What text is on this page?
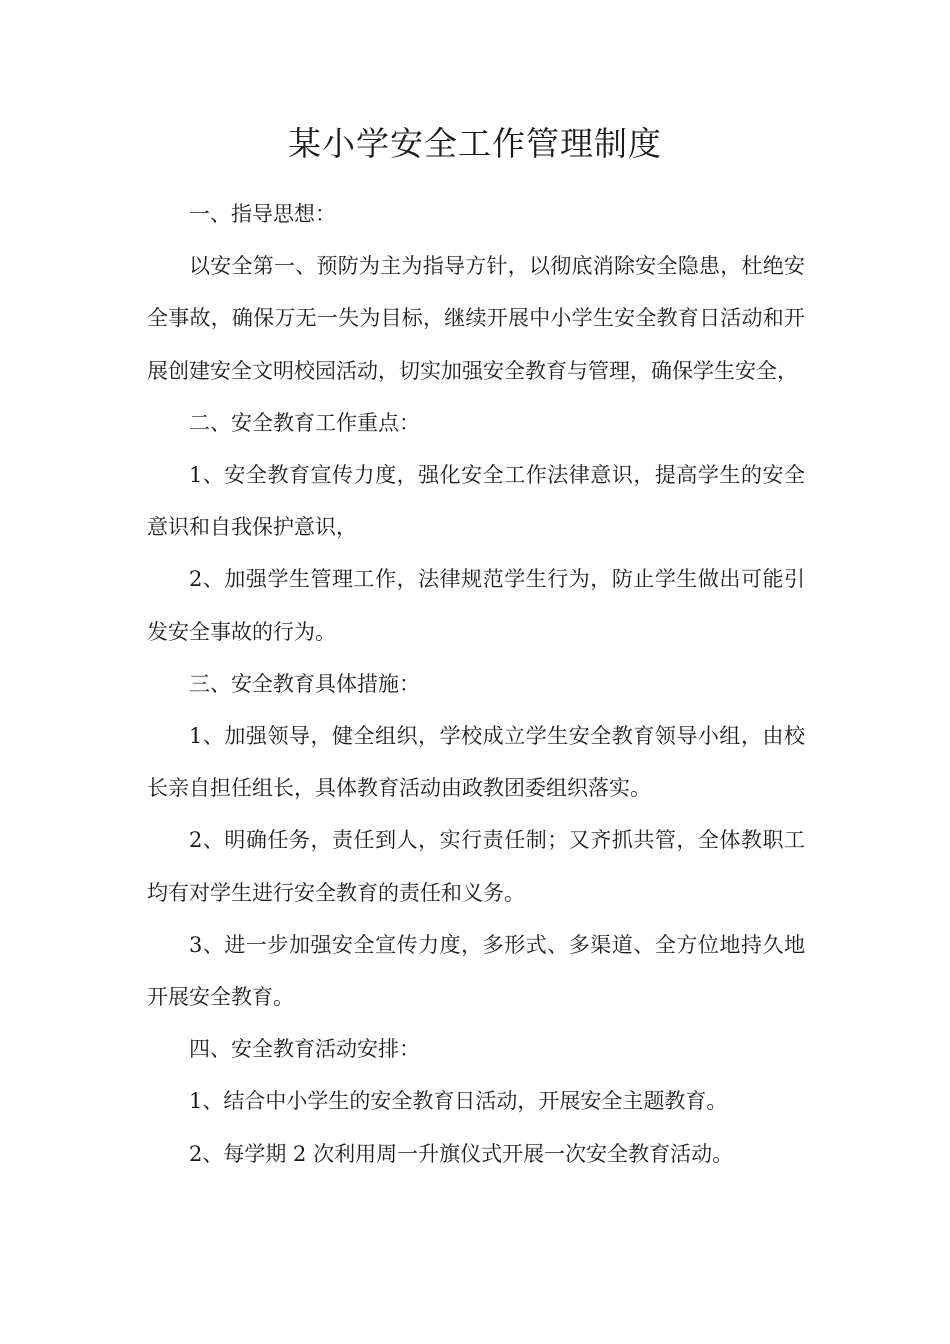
某小学安全工作管理制度

一、指导思想：

以安全第一、预防为主为指导方针，以彻底消除安全隐患，杜绝安全事故，确保万无一失为目标，继续开展中小学生安全教育日活动和开展创建安全文明校园活动，切实加强安全教育与管理，确保学生安全，

二、安全教育工作重点：

1、安全教育宣传力度，强化安全工作法律意识，提高学生的安全意识和自我保护意识，

2、加强学生管理工作，法律规范学生行为，防止学生做出可能引发安全事故的行为。

三、安全教育具体措施：

1、加强领导，健全组织，学校成立学生安全教育领导小组，由校长亲自担任组长，具体教育活动由政教团委组织落实。

2、明确任务，责任到人，实行责任制；又齐抓共管，全体教职工均有对学生进行安全教育的责任和义务。

3、进一步加强安全宣传力度，多形式、多渠道、全方位地持久地开展安全教育。

四、安全教育活动安排：

1、结合中小学生的安全教育日活动，开展安全主题教育。

2、每学期 2 次利用周一升旗仪式开展一次安全教育活动。
